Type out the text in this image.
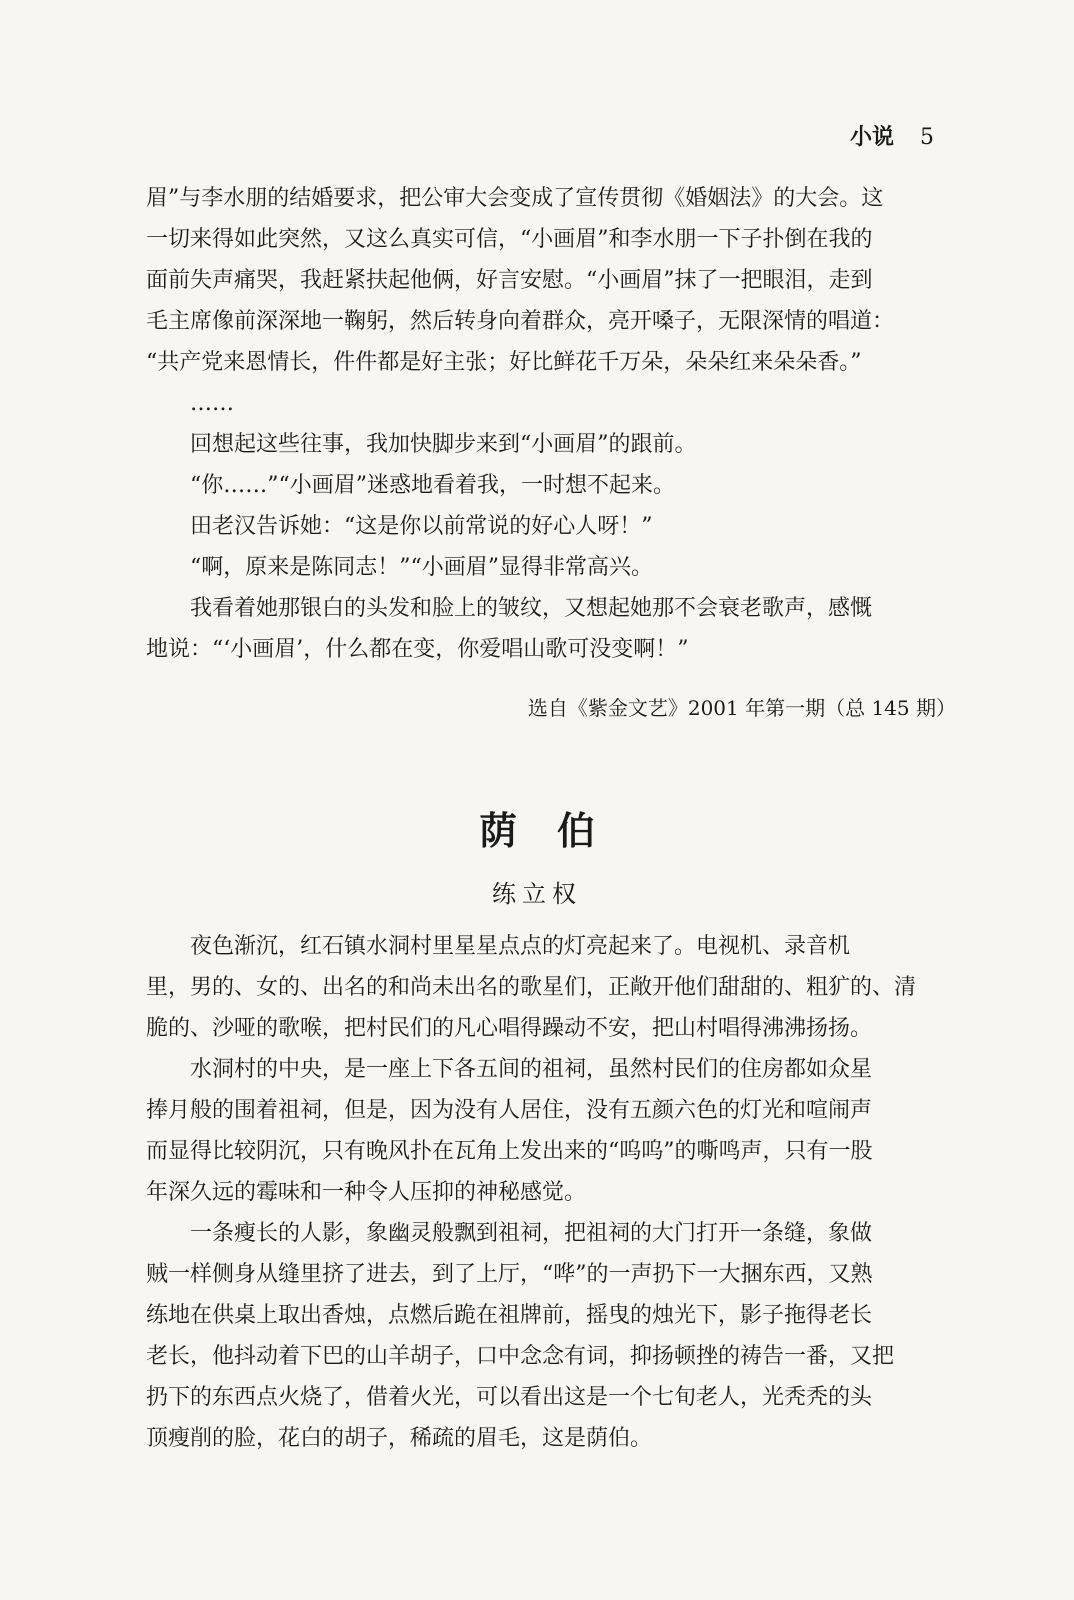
小说 5
眉”与李水朋的结婚要求，把公审大会变成了宣传贯彻《婚姻法》的大会。这
一切来得如此突然，又这么真实可信，“小画眉”和李水朋一下子扑倒在我的
面前失声痛哭，我赶紧扶起他俩，好言安慰。“小画眉”抹了一把眼泪，走到
毛主席像前深深地一鞠躬，然后转身向着群众，亮开嗓子，无限深情的唱道：
“共产党来恩情长，件件都是好主张；好比鲜花千万朵，朵朵红来朵朵香。”
……
回想起这些往事，我加快脚步来到“小画眉”的跟前。
“你……”“小画眉”迷惑地看着我，一时想不起来。
田老汉告诉她：“这是你以前常说的好心人呀！”
“啊，原来是陈同志！”“小画眉”显得非常高兴。
我看着她那银白的头发和脸上的皱纹，又想起她那不会衰老歌声，感慨
地说：“‘小画眉’，什么都在变，你爱唱山歌可没变啊！”
选自《紫金文艺》2001 年第一期（总 145 期）
荫伯
练立权
夜色渐沉，红石镇水洞村里星星点点的灯亮起来了。电视机、录音机
里，男的、女的、出名的和尚未出名的歌星们，正敞开他们甜甜的、粗犷的、清
脆的、沙哑的歌喉，把村民们的凡心唱得躁动不安，把山村唱得沸沸扬扬。
水洞村的中央，是一座上下各五间的祖祠，虽然村民们的住房都如众星
捧月般的围着祖祠，但是，因为没有人居住，没有五颜六色的灯光和喧闹声
而显得比较阴沉，只有晚风扑在瓦角上发出来的“呜呜”的嘶鸣声，只有一股
年深久远的霉味和一种令人压抑的神秘感觉。
一条瘦长的人影，象幽灵般飘到祖祠，把祖祠的大门打开一条缝，象做
贼一样侧身从缝里挤了进去，到了上厅，“哗”的一声扔下一大捆东西，又熟
练地在供桌上取出香烛，点燃后跪在祖牌前，摇曳的烛光下，影子拖得老长
老长，他抖动着下巴的山羊胡子，口中念念有词，抑扬顿挫的祷告一番，又把
扔下的东西点火烧了，借着火光，可以看出这是一个七旬老人，光秃秃的头
顶瘦削的脸，花白的胡子，稀疏的眉毛，这是荫伯。
